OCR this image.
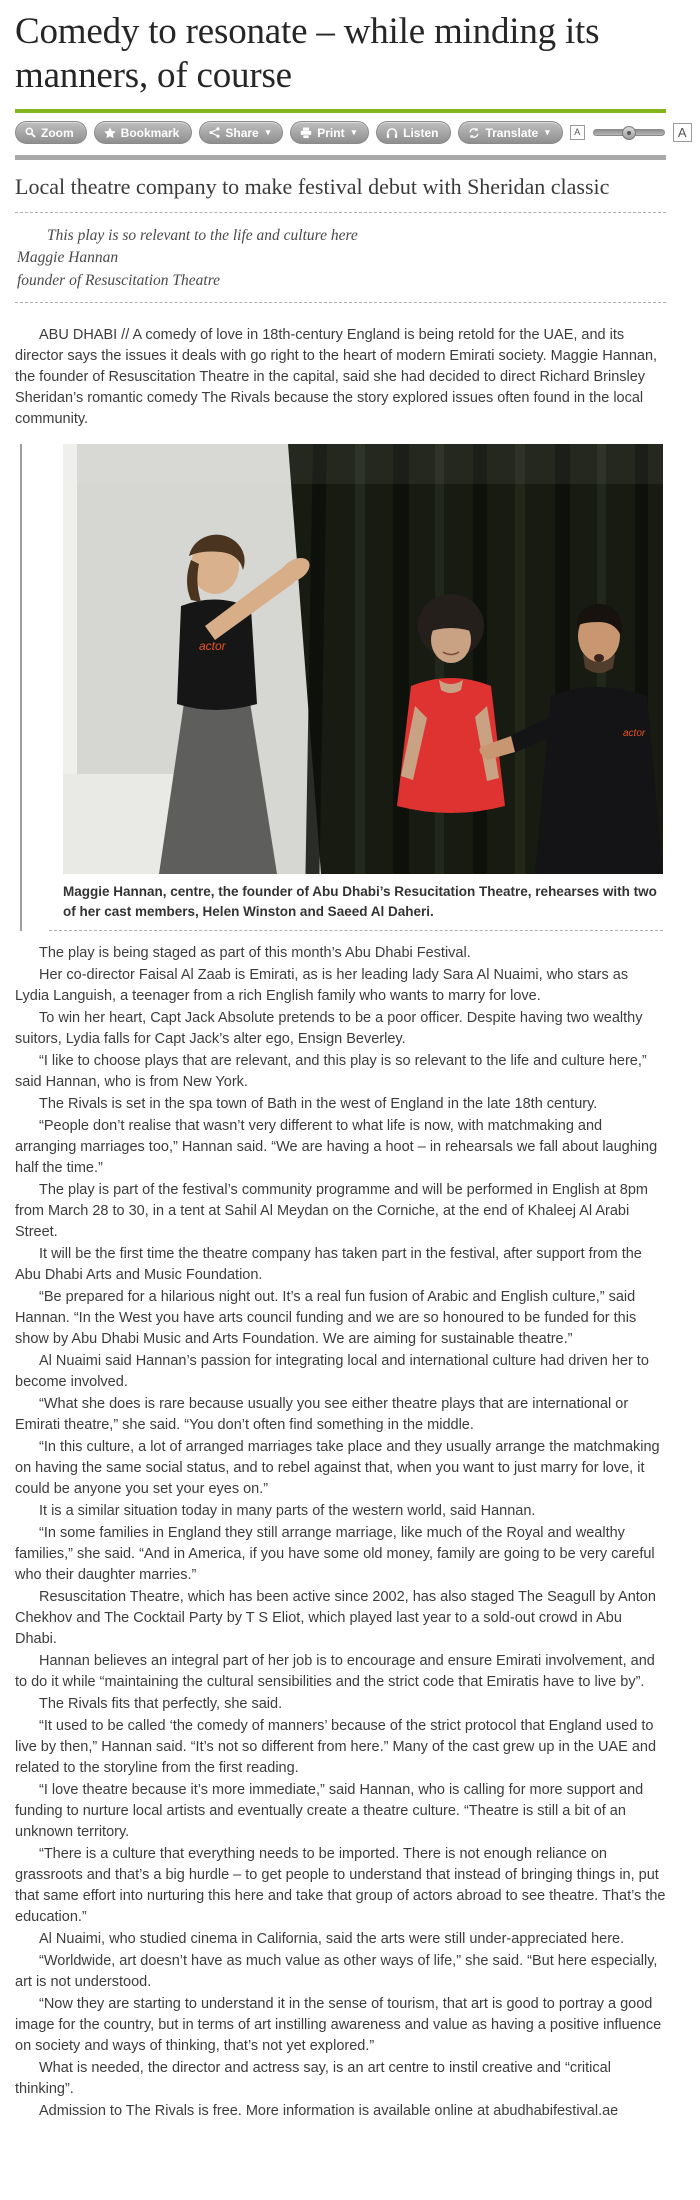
Comedy to resonate – while minding its manners, of course
Zoom	Bookmark	Share ▾	Print ▾	Listen	Translate ▾	A	A
Local theatre company to make festival debut with Sheridan classic
This play is so relevant to the life and culture here
Maggie Hannan
founder of Resuscitation Theatre

ABU DHABI // A comedy of love in 18th-century England is being retold for the UAE, and its director says the issues it deals with go right to the heart of modern Emirati society. Maggie Hannan, the founder of Resuscitation Theatre in the capital, said she had decided to direct Richard Brinsley Sheridan’s romantic comedy The Rivals because the story explored issues often found in the local community.

actor
actor
Maggie Hannan, centre, the founder of Abu Dhabi’s Resucitation Theatre, rehearses with two of her cast members, Helen Winston and Saeed Al Daheri.

The play is being staged as part of this month’s Abu Dhabi Festival.

Her co-director Faisal Al Zaab is Emirati, as is her leading lady Sara Al Nuaimi, who stars as Lydia Languish, a teenager from a rich English family who wants to marry for love.

To win her heart, Capt Jack Absolute pretends to be a poor officer. Despite having two wealthy suitors, Lydia falls for Capt Jack’s alter ego, Ensign Beverley.

“I like to choose plays that are relevant, and this play is so relevant to the life and culture here,” said Hannan, who is from New York.

The Rivals is set in the spa town of Bath in the west of England in the late 18th century.

“People don’t realise that wasn’t very different to what life is now, with matchmaking and arranging marriages too,” Hannan said. “We are having a hoot – in rehearsals we fall about laughing half the time.”

The play is part of the festival’s community programme and will be performed in English at 8pm from March 28 to 30, in a tent at Sahil Al Meydan on the Corniche, at the end of Khaleej Al Arabi Street.

It will be the first time the theatre company has taken part in the festival, after support from the Abu Dhabi Arts and Music Foundation.

“Be prepared for a hilarious night out. It’s a real fun fusion of Arabic and English culture,” said Hannan. “In the West you have arts council funding and we are so honoured to be funded for this show by Abu Dhabi Music and Arts Foundation. We are aiming for sustainable theatre.”

Al Nuaimi said Hannan’s passion for integrating local and international culture had driven her to become involved.

“What she does is rare because usually you see either theatre plays that are international or Emirati theatre,” she said. “You don’t often find something in the middle.

“In this culture, a lot of arranged marriages take place and they usually arrange the matchmaking on having the same social status, and to rebel against that, when you want to just marry for love, it could be anyone you set your eyes on.”

It is a similar situation today in many parts of the western world, said Hannan.

“In some families in England they still arrange marriage, like much of the Royal and wealthy families,” she said. “And in America, if you have some old money, family are going to be very careful who their daughter marries.”

Resuscitation Theatre, which has been active since 2002, has also staged The Seagull by Anton Chekhov and The Cocktail Party by T S Eliot, which played last year to a sold-out crowd in Abu Dhabi.

Hannan believes an integral part of her job is to encourage and ensure Emirati involvement, and to do it while “maintaining the cultural sensibilities and the strict code that Emiratis have to live by”.

The Rivals fits that perfectly, she said.

“It used to be called ‘the comedy of manners’ because of the strict protocol that England used to live by then,” Hannan said. “It’s not so different from here.” Many of the cast grew up in the UAE and related to the storyline from the first reading.

“I love theatre because it’s more immediate,” said Hannan, who is calling for more support and funding to nurture local artists and eventually create a theatre culture. “Theatre is still a bit of an unknown territory.

“There is a culture that everything needs to be imported. There is not enough reliance on grassroots and that’s a big hurdle – to get people to understand that instead of bringing things in, put that same effort into nurturing this here and take that group of actors abroad to see theatre. That’s the education.”

Al Nuaimi, who studied cinema in California, said the arts were still under-appreciated here.

“Worldwide, art doesn’t have as much value as other ways of life,” she said. “But here especially, art is not understood.

“Now they are starting to understand it in the sense of tourism, that art is good to portray a good image for the country, but in terms of art instilling awareness and value as having a positive influence on society and ways of thinking, that’s not yet explored.”

What is needed, the director and actress say, is an art centre to instil creative and “critical thinking”.

Admission to The Rivals is free. More information is available online at abudhabifestival.ae
